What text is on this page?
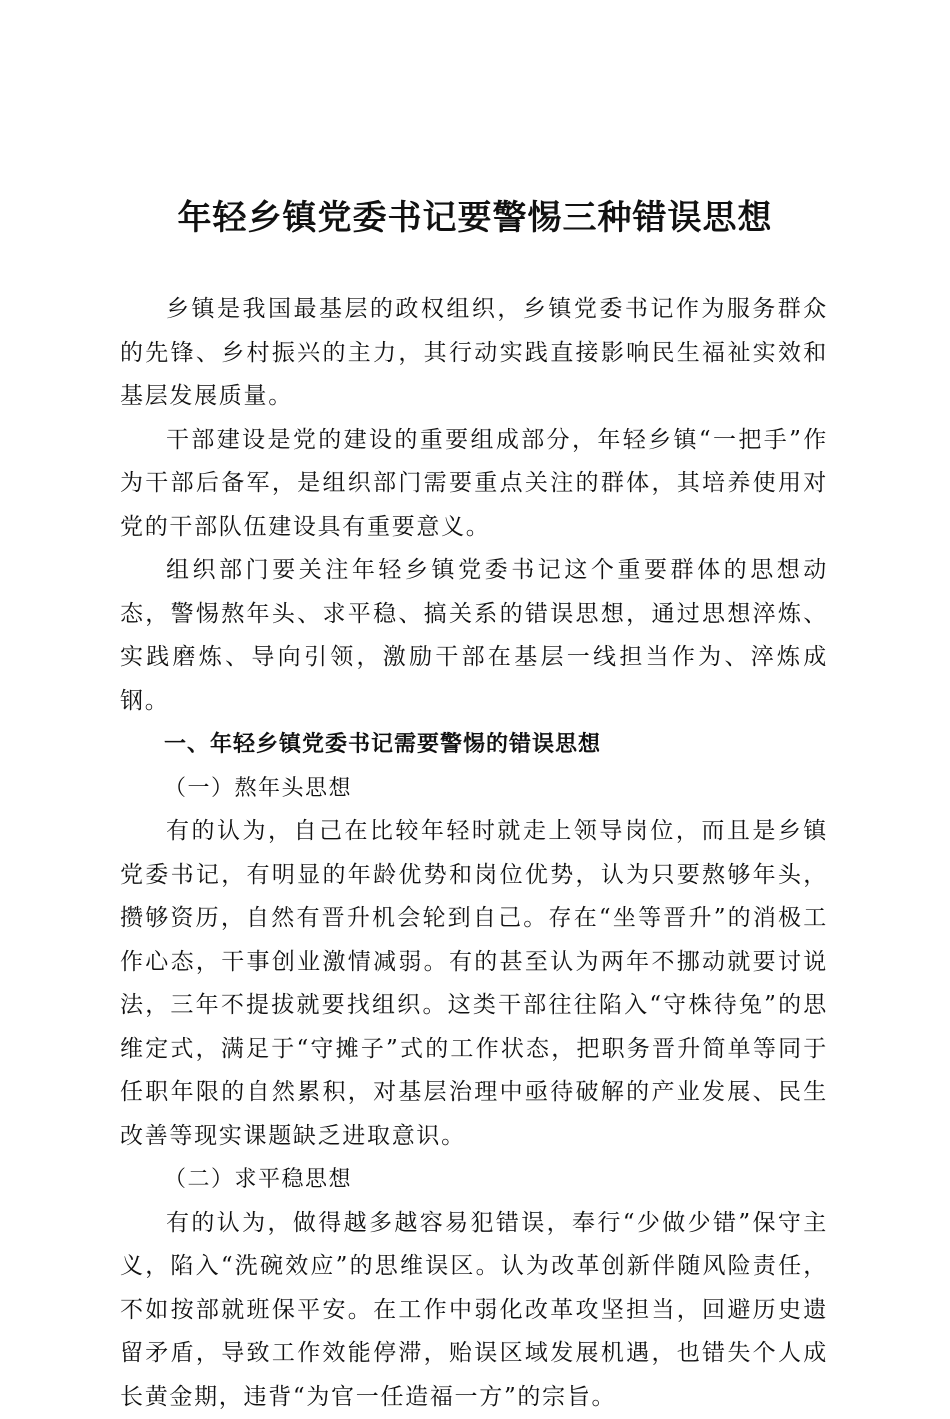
年轻乡镇党委书记要警惕三种错误思想

乡镇是我国最基层的政权组织，乡镇党委书记作为服务群众的先锋、乡村振兴的主力，其行动实践直接影响民生福祉实效和基层发展质量。

干部建设是党的建设的重要组成部分，年轻乡镇“一把手”作为干部后备军，是组织部门需要重点关注的群体，其培养使用对党的干部队伍建设具有重要意义。

组织部门要关注年轻乡镇党委书记这个重要群体的思想动态，警惕熬年头、求平稳、搞关系的错误思想，通过思想淬炼、实践磨炼、导向引领，激励干部在基层一线担当作为、淬炼成钢。

一、年轻乡镇党委书记需要警惕的错误思想

（一）熬年头思想

有的认为，自己在比较年轻时就走上领导岗位，而且是乡镇党委书记，有明显的年龄优势和岗位优势，认为只要熬够年头，攒够资历，自然有晋升机会轮到自己。存在“坐等晋升”的消极工作心态，干事创业激情减弱。有的甚至认为两年不挪动就要讨说法，三年不提拔就要找组织。这类干部往往陷入“守株待兔”的思维定式，满足于“守摊子”式的工作状态，把职务晋升简单等同于任职年限的自然累积，对基层治理中亟待破解的产业发展、民生改善等现实课题缺乏进取意识。

（二）求平稳思想

有的认为，做得越多越容易犯错误，奉行“少做少错”保守主义，陷入“洗碗效应”的思维误区。认为改革创新伴随风险责任，不如按部就班保平安。在工作中弱化改革攻坚担当，回避历史遗留矛盾，导致工作效能停滞，贻误区域发展机遇，也错失个人成长黄金期，违背“为官一任造福一方”的宗旨。
